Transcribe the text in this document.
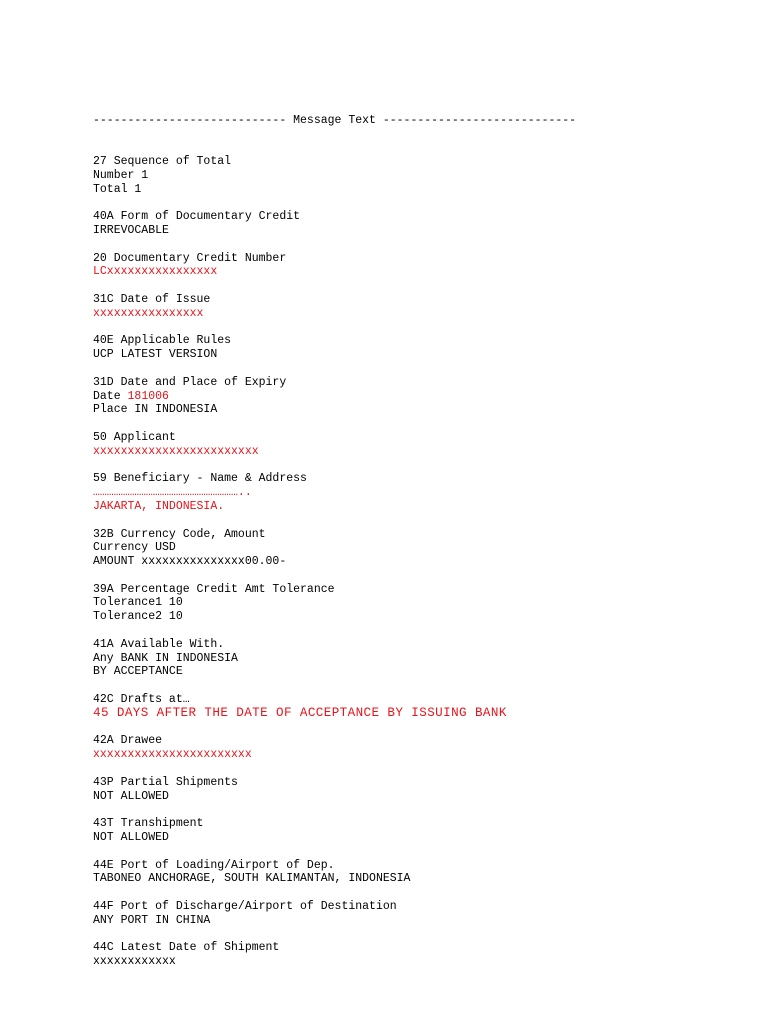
---------------------------- Message Text ----------------------------

27 Sequence of Total
Number 1
Total 1
40A Form of Documentary Credit
IRREVOCABLE
20 Documentary Credit Number
LCxxxxxxxxxxxxxxxx
31C Date of Issue
xxxxxxxxxxxxxxxx
40E Applicable Rules
UCP LATEST VERSION
31D Date and Place of Expiry
Date 181006
Place IN INDONESIA
50 Applicant
xxxxxxxxxxxxxxxxxxxxxxxx
59 Beneficiary - Name & Address
………………………………………………………..
JAKARTA, INDONESIA.
32B Currency Code, Amount
Currency USD
AMOUNT xxxxxxxxxxxxxxx00.00-
39A Percentage Credit Amt Tolerance
Tolerance1 10
Tolerance2 10
41A Available With.
Any BANK IN INDONESIA
BY ACCEPTANCE
42C Drafts at…
45 DAYS AFTER THE DATE OF ACCEPTANCE BY ISSUING BANK
42A Drawee
xxxxxxxxxxxxxxxxxxxxxxx
43P Partial Shipments
NOT ALLOWED
43T Transhipment
NOT ALLOWED
44E Port of Loading/Airport of Dep.
TABONEO ANCHORAGE, SOUTH KALIMANTAN, INDONESIA
44F Port of Discharge/Airport of Destination
ANY PORT IN CHINA
44C Latest Date of Shipment
xxxxxxxxxxxx
